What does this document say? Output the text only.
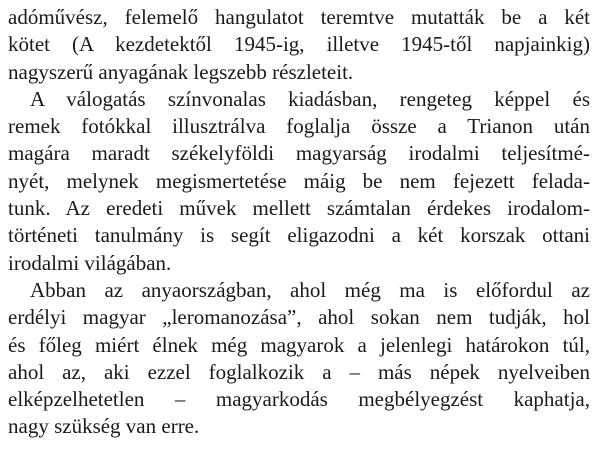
adóművész, felemelő hangulatot teremtve mutatták be a két
kötet (A kezdetektől 1945-ig, illetve 1945-től napjainkig)
nagyszerű anyagának legszebb részleteit.
A válogatás színvonalas kiadásban, rengeteg képpel és
remek fotókkal illusztrálva foglalja össze a Trianon után
magára maradt székelyföldi magyarság irodalmi teljesítmé-
nyét, melynek megismertetése máig be nem fejezett felada-
tunk. Az eredeti művek mellett számtalan érdekes irodalom-
történeti tanulmány is segít eligazodni a két korszak ottani
irodalmi világában.
Abban az anyaországban, ahol még ma is előfordul az
erdélyi magyar „leromanozása”, ahol sokan nem tudják, hol
és főleg miért élnek még magyarok a jelenlegi határokon túl,
ahol az, aki ezzel foglalkozik a – más népek nyelveiben
elképzelhetetlen – magyarkodás megbélyegzést kaphatja,
nagy szükség van erre.
